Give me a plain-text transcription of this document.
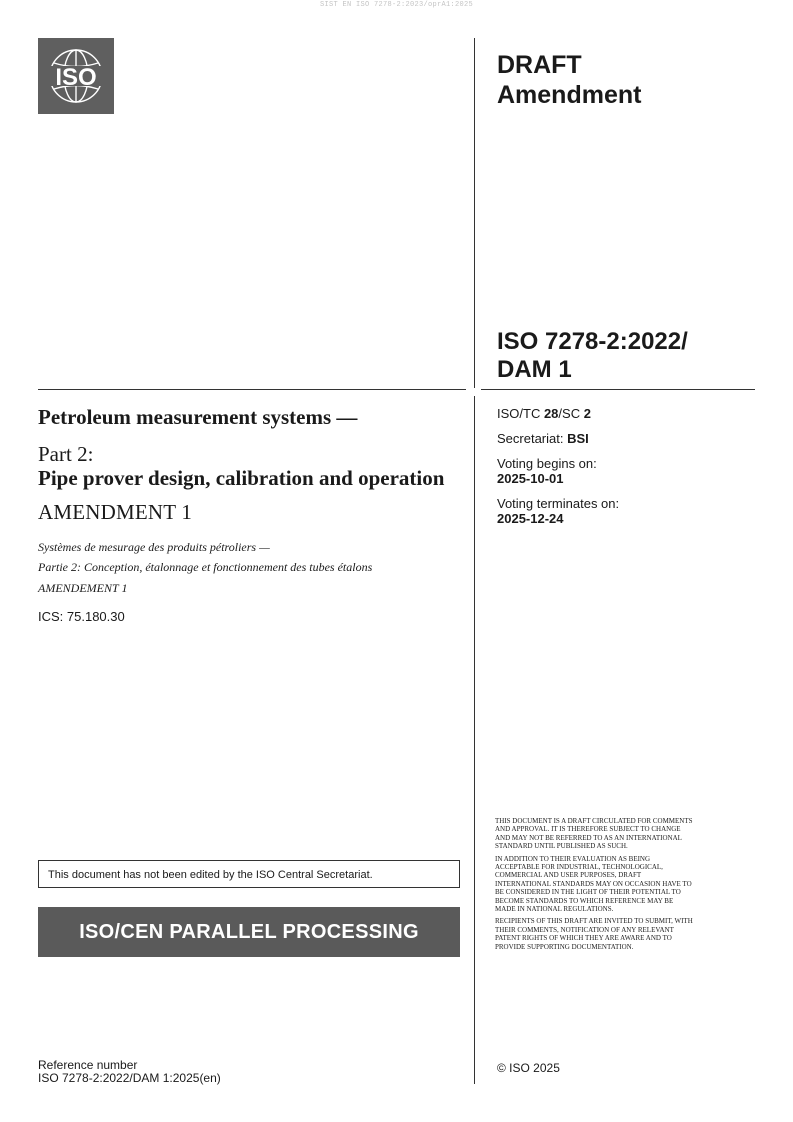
SIST EN ISO 7278-2:2023/oprA1:2025
ISO	DRAFT
Amendment
ISO 7278-2:2022/
DAM 1
Petroleum measurement systems —
Part 2:
Pipe prover design, calibration and operation
AMENDMENT 1
Systèmes de mesurage des produits pétroliers —
Partie 2: Conception, étalonnage et fonctionnement des tubes étalons
AMENDEMENT 1
ICS: 75.180.30
ISO/TC 28/SC 2
Secretariat: BSI
Voting begins on:
2025-10-01
Voting terminates on:
2025-12-24
This document has not been edited by the ISO Central Secretariat.
ISO/CEN PARALLEL PROCESSING

THIS DOCUMENT IS A DRAFT CIRCULATED FOR COMMENTS AND APPROVAL. IT IS THEREFORE SUBJECT TO CHANGE AND MAY NOT BE REFERRED TO AS AN INTERNATIONAL STANDARD UNTIL PUBLISHED AS SUCH.

IN ADDITION TO THEIR EVALUATION AS BEING ACCEPTABLE FOR INDUSTRIAL, TECHNOLOGICAL, COMMERCIAL AND USER PURPOSES, DRAFT INTERNATIONAL STANDARDS MAY ON OCCASION HAVE TO BE CONSIDERED IN THE LIGHT OF THEIR POTENTIAL TO BECOME STANDARDS TO WHICH REFERENCE MAY BE MADE IN NATIONAL REGULATIONS.

RECIPIENTS OF THIS DRAFT ARE INVITED TO SUBMIT, WITH THEIR COMMENTS, NOTIFICATION OF ANY RELEVANT PATENT RIGHTS OF WHICH THEY ARE AWARE AND TO PROVIDE SUPPORTING DOCUMENTATION.

© ISO 2025
Reference number
ISO 7278-2:2022/DAM 1:2025(en)
